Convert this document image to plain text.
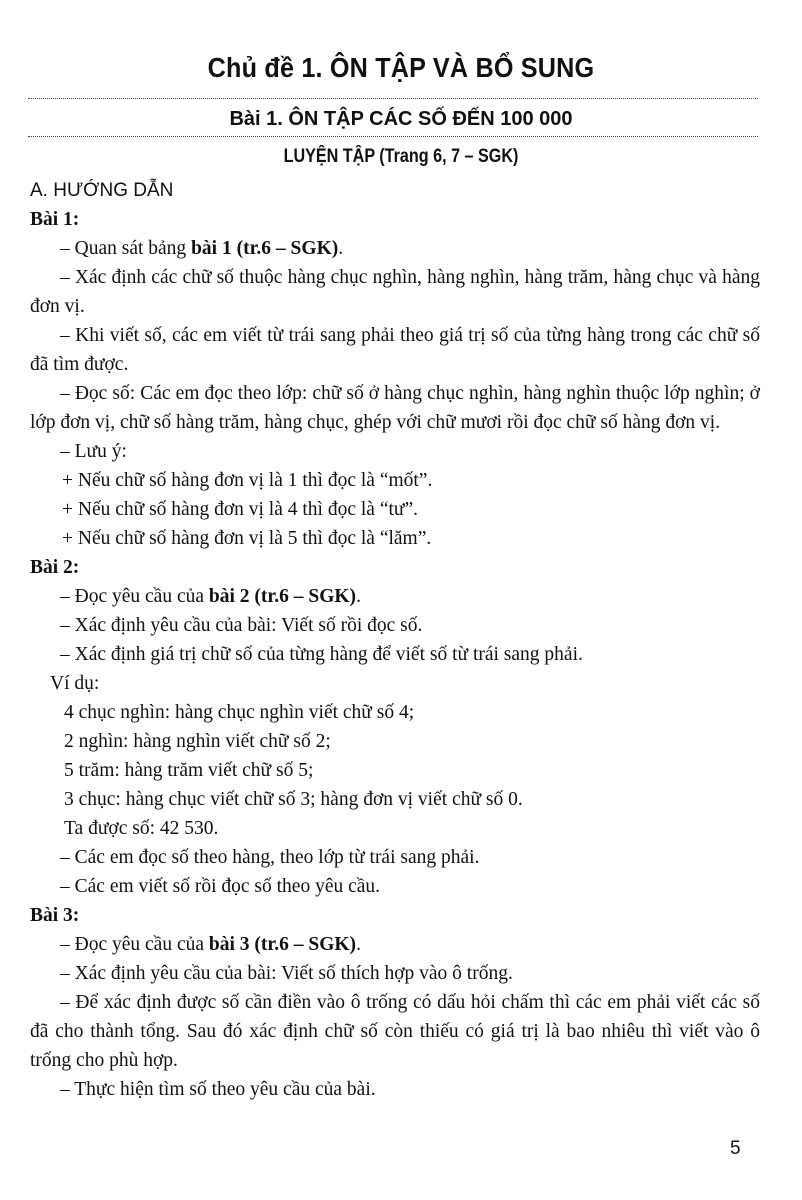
Chủ đề 1. ÔN TẬP VÀ BỔ SUNG
Bài 1. ÔN TẬP CÁC SỐ ĐẾN 100 000
LUYỆN TẬP (Trang 6, 7 – SGK)

A. HƯỚNG DẪN

Bài 1:

– Quan sát bảng bài 1 (tr.6 – SGK).

– Xác định các chữ số thuộc hàng chục nghìn, hàng nghìn, hàng trăm, hàng chục và hàng đơn vị.

– Khi viết số, các em viết từ trái sang phải theo giá trị số của từng hàng trong các chữ số đã tìm được.

– Đọc số: Các em đọc theo lớp: chữ số ở hàng chục nghìn, hàng nghìn thuộc lớp nghìn; ở lớp đơn vị, chữ số hàng trăm, hàng chục, ghép với chữ mươi rồi đọc chữ số hàng đơn vị.

– Lưu ý:

+ Nếu chữ số hàng đơn vị là 1 thì đọc là “mốt”.

+ Nếu chữ số hàng đơn vị là 4 thì đọc là “tư”.

+ Nếu chữ số hàng đơn vị là 5 thì đọc là “lăm”.

Bài 2:

– Đọc yêu cầu của bài 2 (tr.6 – SGK).

– Xác định yêu cầu của bài: Viết số rồi đọc số.

– Xác định giá trị chữ số của từng hàng để viết số từ trái sang phải.

Ví dụ:

4 chục nghìn: hàng chục nghìn viết chữ số 4;

2 nghìn: hàng nghìn viết chữ số 2;

5 trăm: hàng trăm viết chữ số 5;

3 chục: hàng chục viết chữ số 3; hàng đơn vị viết chữ số 0.

Ta được số: 42 530.

– Các em đọc số theo hàng, theo lớp từ trái sang phải.

– Các em viết số rồi đọc số theo yêu cầu.

Bài 3:

– Đọc yêu cầu của bài 3 (tr.6 – SGK).

– Xác định yêu cầu của bài: Viết số thích hợp vào ô trống.

– Để xác định được số cần điền vào ô trống có dấu hỏi chấm thì các em phải viết các số đã cho thành tổng. Sau đó xác định chữ số còn thiếu có giá trị là bao nhiêu thì viết vào ô trống cho phù hợp.

– Thực hiện tìm số theo yêu cầu của bài.

5
